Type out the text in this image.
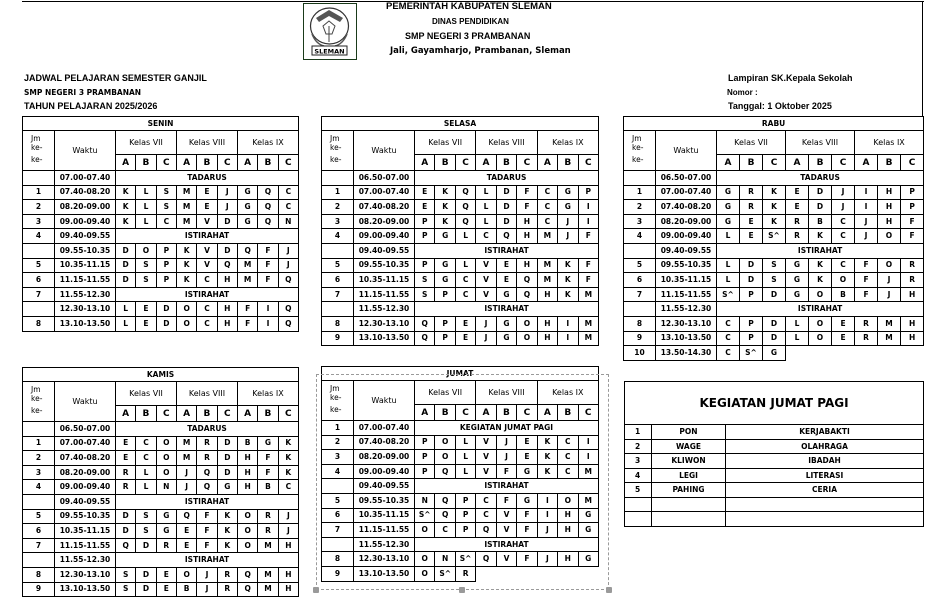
SLEMAN
PEMERINTAH KABUPATEN SLEMAN
DINAS PENDIDIKAN
SMP NEGERI 3 PRAMBANAN
Jali, Gayamharjo, Prambanan, Sleman
JADWAL PELAJARAN SEMESTER GANJIL
SMP NEGERI 3 PRAMBANAN
TAHUN PELAJARAN 2025/2026
Lampiran SK.Kepala Sekolah
Nomor :
Tanggal: 1 Oktober 2025
SENIN										

Jm
ke-
ke-	Waktu	Kelas VII			Kelas VIII			Kelas IX		
		A	B	C	A	B	C	A	B	C
	07.00-07.40	TADARUS								
1	07.40-08.20	K	L	S	M	E	J	G	Q	C
2	08.20-09.00	K	L	S	M	E	J	G	Q	C
3	09.00-09.40	K	L	C	M	V	D	G	Q	N
4	09.40-09.55	ISTIRAHAT								
	09.55-10.35	D	O	P	K	V	D	Q	F	J
5	10.35-11.15	D	S	P	K	V	Q	M	F	J
6	11.15-11.55	D	S	P	K	C	H	M	F	Q
7	11.55-12.30	ISTIRAHAT								
	12.30-13.10	L	E	D	O	C	H	F	I	Q
8	13.10-13.50	L	E	D	O	C	H	F	I	Q
SELASA										

Jm
ke-
ke-	Waktu	Kelas VII			Kelas VIII			Kelas IX		
		A	B	C	A	B	C	A	B	C
	06.50-07.00	TADARUS								
1	07.00-07.40	E	K	Q	L	D	F	C	G	P
2	07.40-08.20	E	K	Q	L	D	F	C	G	I
3	08.20-09.00	P	K	Q	L	D	H	C	J	I
4	09.00-09.40	P	G	L	C	Q	H	M	J	F
	09.40-09.55	ISTIRAHAT								
5	09.55-10.35	P	G	L	V	E	H	M	K	F
6	10.35-11.15	S	G	C	V	E	Q	M	K	F
7	11.15-11.55	S	P	C	V	G	Q	H	K	M
	11.55-12.30	ISTIRAHAT								
8	12.30-13.10	Q	P	E	J	G	O	H	I	M
9	13.10-13.50	Q	P	E	J	G	O	H	I	M
RABU										

Jm
ke-
ke-	Waktu	Kelas VII			Kelas VIII			Kelas IX		
		A	B	C	A	B	C	A	B	C
	06.50-07.00	TADARUS								
1	07.00-07.40	G	R	K	E	D	J	I	H	P
2	07.40-08.20	G	R	K	E	D	J	I	H	P
3	08.20-09.00	G	E	K	R	B	C	J	H	F
4	09.00-09.40	L	E	S^	R	K	C	J	O	F
	09.40-09.55	ISTIRAHAT								
5	09.55-10.35	L	D	S	G	K	C	F	O	R
6	10.35-11.15	L	D	S	G	K	O	F	J	R
7	11.15-11.55	S^	P	D	G	O	B	F	J	H
	11.55-12.30	ISTIRAHAT								
8	12.30-13.10	C	P	D	L	O	E	R	M	H
9	13.10-13.50	C	P	D	L	O	E	R	M	H
10	13.50-14.30	C	S^	G						
KAMIS										

Jm
ke-
ke-	Waktu	Kelas VII			Kelas VIII			Kelas IX		
		A	B	C	A	B	C	A	B	C
	06.50-07.00	TADARUS								
1	07.00-07.40	E	C	O	M	R	D	B	G	K
2	07.40-08.20	E	C	O	M	R	D	H	F	K
3	08.20-09.00	R	L	O	J	Q	D	H	F	K
4	09.00-09.40	R	L	N	J	Q	G	H	B	C
	09.40-09.55	ISTIRAHAT								
5	09.55-10.35	D	S	G	Q	F	K	O	R	J
6	10.35-11.15	D	S	G	E	F	K	O	R	J
7	11.15-11.55	Q	D	R	E	F	K	O	M	H
	11.55-12.30	ISTIRAHAT								
8	12.30-13.10	S	D	E	O	J	R	Q	M	H
9	13.10-13.50	S	D	E	B	J	R	Q	M	H
JUMAT										

Jm
ke-
ke-	Waktu	Kelas VII			Kelas VIII			Kelas IX		
		A	B	C	A	B	C	A	B	C
1	07.00-07.40	KEGIATAN JUMAT PAGI								
2	07.40-08.20	P	O	L	V	J	E	K	C	I
3	08.20-09.00	P	O	L	V	J	E	K	C	I
4	09.00-09.40	P	Q	L	V	F	G	K	C	M
	09.40-09.55	ISTIRAHAT								
5	09.55-10.35	N	Q	P	C	F	G	I	O	M
6	10.35-11.15	S^	Q	P	C	V	F	I	H	G
7	11.15-11.55	O	C	P	Q	V	F	J	H	G
	11.55-12.30	ISTIRAHAT								
8	12.30-13.10	O	N	S^	Q	V	F	J	H	G
9	13.10-13.50	O	S^	R						
KEGIATAN JUMAT PAGI		
1	PON	KERJABAKTI
2	WAGE	OLAHRAGA
3	KLIWON	IBADAH
4	LEGI	LITERASI
5	PAHING	CERIA
